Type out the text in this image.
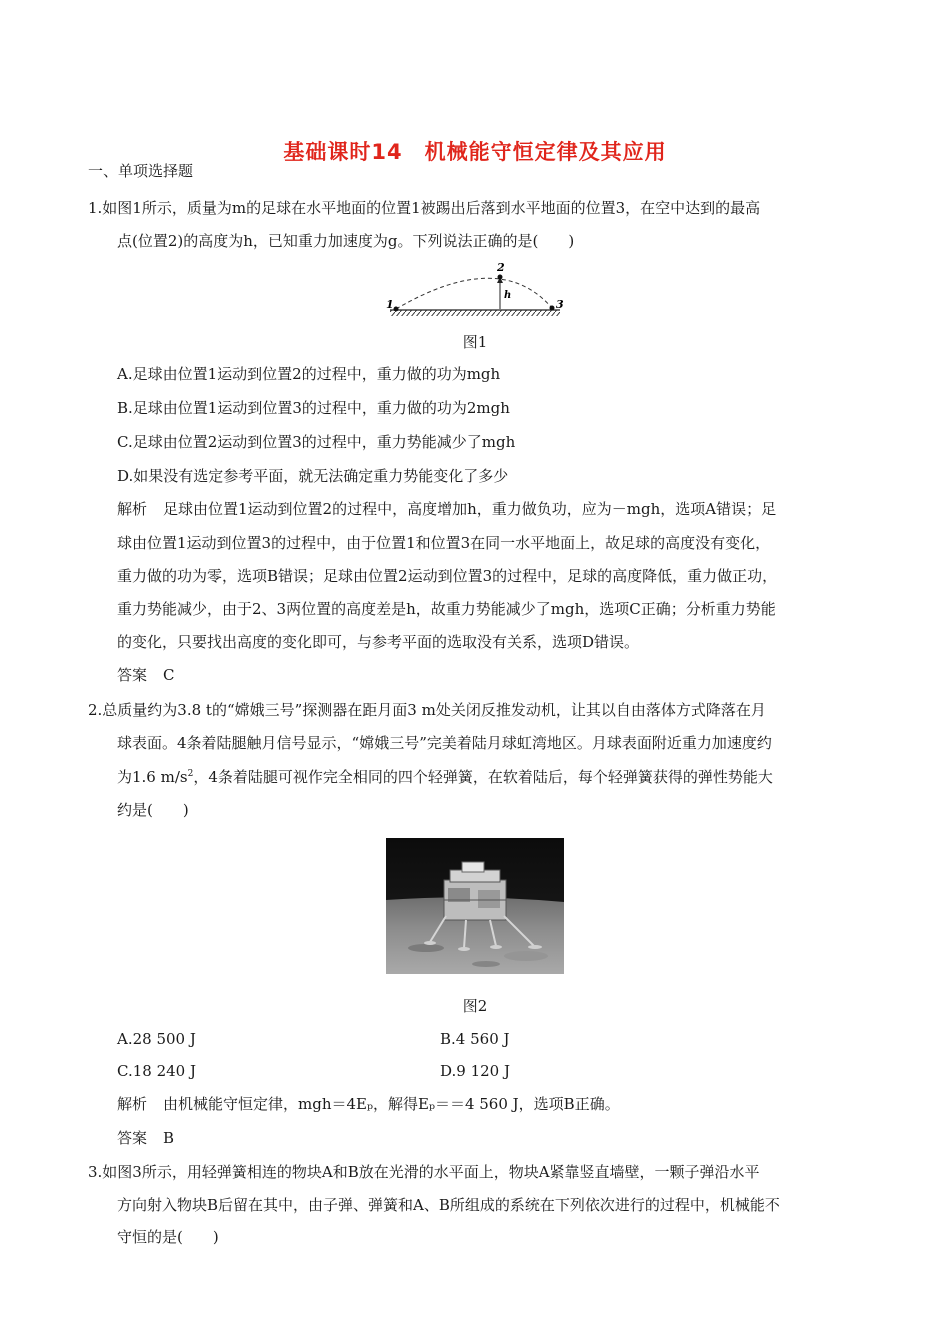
基础课时14　机械能守恒定律及其应用
一、单项选择题
1.如图1所示，质量为m的足球在水平地面的位置1被踢出后落到水平地面的位置3，在空中达到的最高
点(位置2)的高度为h，已知重力加速度为g。下列说法正确的是(　　)
1
2
3
h
图1
A.足球由位置1运动到位置2的过程中，重力做的功为mgh
B.足球由位置1运动到位置3的过程中，重力做的功为2mgh
C.足球由位置2运动到位置3的过程中，重力势能减少了mgh
D.如果没有选定参考平面，就无法确定重力势能变化了多少
解析 足球由位置1运动到位置2的过程中，高度增加h，重力做负功，应为－mgh，选项A错误；足
球由位置1运动到位置3的过程中，由于位置1和位置3在同一水平地面上，故足球的高度没有变化，
重力做的功为零，选项B错误；足球由位置2运动到位置3的过程中，足球的高度降低，重力做正功，
重力势能减少，由于2、3两位置的高度差是h，故重力势能减少了mgh，选项C正确；分析重力势能
的变化，只要找出高度的变化即可，与参考平面的选取没有关系，选项D错误。
答案 C
2.总质量约为3.8 t的“嫦娥三号”探测器在距月面3 m处关闭反推发动机，让其以自由落体方式降落在月
球表面。4条着陆腿触月信号显示，“嫦娥三号”完美着陆月球虹湾地区。月球表面附近重力加速度约
为1.6 $m/s^2$，4条着陆腿可视作完全相同的四个轻弹簧，在软着陆后，每个轻弹簧获得的弹性势能大
约是(　　)
图2
A.28 500 J	B.4 560 J
C.18 240 J	D.9 120 J
解析 由机械能守恒定律，mgh＝4Eₚ，解得Eₚ＝＝4 560 J，选项B正确。
答案 B
3.如图3所示，用轻弹簧相连的物块A和B放在光滑的水平面上，物块A紧靠竖直墙壁，一颗子弹沿水平
方向射入物块B后留在其中，由子弹、弹簧和A、B所组成的系统在下列依次进行的过程中，机械能不
守恒的是(　　)
